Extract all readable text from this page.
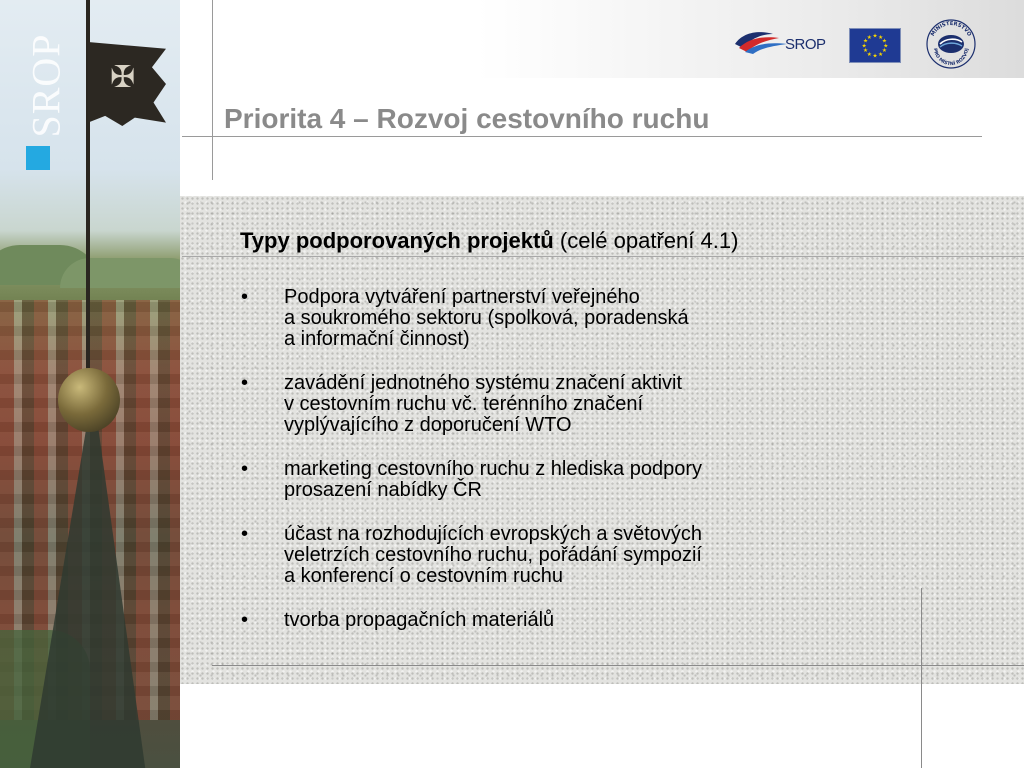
✠
SROP	SROP	★ ★
★
★
★
★
★
★
★
★
★
★
MINISTERSTVO
PRO MÍSTNÍ ROZVOJ
Priorita 4 – Rozvoj cestovního ruchu
Typy podporovaných projektů (celé opatření 4.1)
• Podpora vytváření partnerství veřejného
a soukromého sektoru (spolková, poradenská
a informační činnost)
• zavádění jednotného systému značení aktivit
v cestovním ruchu vč. terénního značení
vyplývajícího z doporučení WTO
• marketing cestovního ruchu z hlediska podpory
prosazení nabídky ČR
• účast na rozhodujících evropských a světových
veletrzích cestovního ruchu, pořádání sympozií
a konferencí o cestovním ruchu
• tvorba propagačních materiálů
